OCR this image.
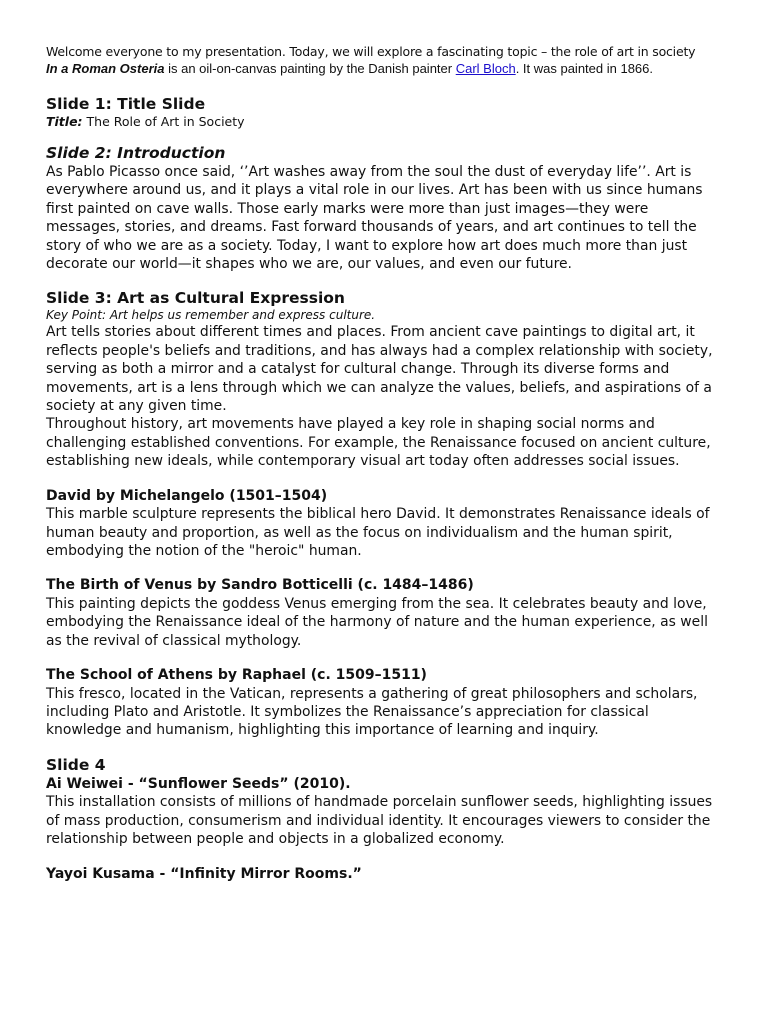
Welcome everyone to my presentation. Today, we will explore a fascinating topic – the role of art in society
In a Roman Osteria is an oil-on-canvas painting by the Danish painter Carl Bloch. It was painted in 1866.
Slide 1: Title Slide
Title: The Role of Art in Society
Slide 2: Introduction

As Pablo Picasso once said, ‘’Art washes away from the soul the dust of everyday life’’. Art is everywhere around us, and it plays a vital role in our lives. Art has been with us since humans first painted on cave walls. Those early marks were more than just images—they were messages, stories, and dreams. Fast forward thousands of years, and art continues to tell the story of who we are as a society. Today, I want to explore how art does much more than just decorate our world—it shapes who we are, our values, and even our future.

Slide 3: Art as Cultural Expression

Key Point: Art helps us remember and express culture.

Art tells stories about different times and places. From ancient cave paintings to digital art, it reflects people's beliefs and traditions, and has always had a complex relationship with society, serving as both a mirror and a catalyst for cultural change. Through its diverse forms and movements, art is a lens through which we can analyze the values, beliefs, and aspirations of a society at any given time.

Throughout history, art movements have played a key role in shaping social norms and challenging established conventions. For example, the Renaissance focused on ancient culture, establishing new ideals, while contemporary visual art today often addresses social issues.

David by Michelangelo (1501–1504)

This marble sculpture represents the biblical hero David. It demonstrates Renaissance ideals of human beauty and proportion, as well as the focus on individualism and the human spirit, embodying the notion of the "heroic" human.

The Birth of Venus by Sandro Botticelli (c. 1484–1486)

This painting depicts the goddess Venus emerging from the sea. It celebrates beauty and love, embodying the Renaissance ideal of the harmony of nature and the human experience, as well as the revival of classical mythology.

The School of Athens by Raphael (c. 1509–1511)

This fresco, located in the Vatican, represents a gathering of great philosophers and scholars, including Plato and Aristotle. It symbolizes the Renaissance’s appreciation for classical knowledge and humanism, highlighting this importance of learning and inquiry.

Slide 4
Ai Weiwei - “Sunflower Seeds” (2010).

This installation consists of millions of handmade porcelain sunflower seeds, highlighting issues of mass production, consumerism and individual identity. It encourages viewers to consider the relationship between people and objects in a globalized economy.

Yayoi Kusama - “Infinity Mirror Rooms.”
